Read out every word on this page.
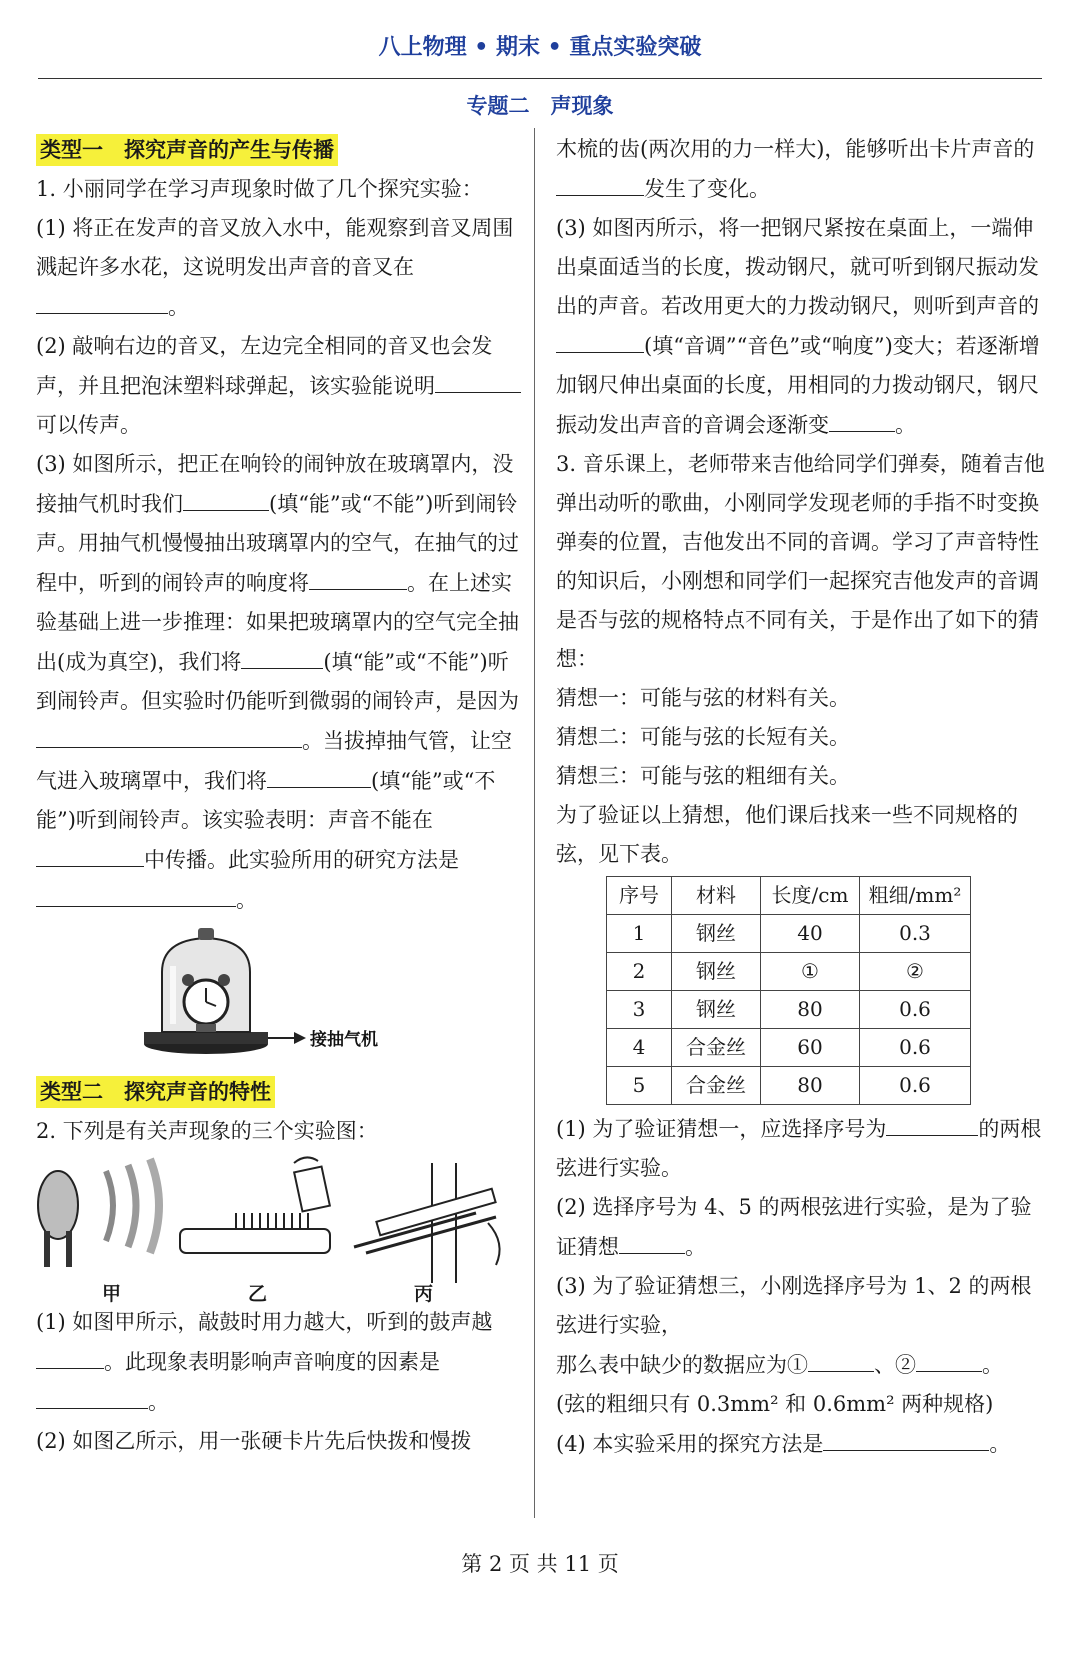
八上物理 • 期末 • 重点实验突破
专题二　声现象
类型一　探究声音的产生与传播

1. 小丽同学在学习声现象时做了几个探究实验：

(1) 将正在发声的音叉放入水中，能观察到音叉周围溅起许多水花，这说明发出声音的音叉在。

(2) 敲响右边的音叉，左边完全相同的音叉也会发声，并且把泡沫塑料球弹起，该实验能说明可以传声。

(3) 如图所示，把正在响铃的闹钟放在玻璃罩内，没接抽气机时我们	(填“能”或“不能”)听到闹铃声。用抽气机慢慢抽出玻璃罩内的空气，在抽气的过程中，听到的闹铃声的响度将	。在上述实验基础上进一步推理：如果把玻璃罩内的空气完全抽出(成为真空)，我们将	(填“能”或“不能”)听到闹铃声。但实验时仍能听到微弱的闹铃声，是因为。当拔掉抽气管，让空气进入玻璃罩中，我们将	(填“能”或“不能”)听到闹铃声。该实验表明：声音不能在中传播。此实验所用的研究方法是。

接抽气机
类型二　探究声音的特性

2. 下列是有关声现象的三个实验图：

甲	乙	丙

(1) 如图甲所示，敲鼓时用力越大，听到的鼓声越。此现象表明影响声音响度的因素是。

(2) 如图乙所示，用一张硬卡片先后快拨和慢拨

木梳的齿(两次用的力一样大)，能够听出卡片声音的发生了变化。

(3) 如图丙所示，将一把钢尺紧按在桌面上，一端伸出桌面适当的长度，拨动钢尺，就可听到钢尺振动发出的声音。若改用更大的力拨动钢尺，则听到声音的(填“音调”“音色”或“响度”)变大；若逐渐增加钢尺伸出桌面的长度，用相同的力拨动钢尺，钢尺振动发出声音的音调会逐渐变	。

3. 音乐课上，老师带来吉他给同学们弹奏，随着吉他弹出动听的歌曲，小刚同学发现老师的手指不时变换弹奏的位置，吉他发出不同的音调。学习了声音特性的知识后，小刚想和同学们一起探究吉他发声的音调是否与弦的规格特点不同有关，于是作出了如下的猜想：

猜想一：可能与弦的材料有关。

猜想二：可能与弦的长短有关。

猜想三：可能与弦的粗细有关。

为了验证以上猜想，他们课后找来一些不同规格的弦，见下表。

序号	材料	长度/cm	粗细/mm²
1	钢丝	40	0.3
2	钢丝	①	②
3	钢丝	80	0.6
4	合金丝	60	0.6
5	合金丝	80	0.6

(1) 为了验证猜想一，应选择序号为	的两根弦进行实验。

(2) 选择序号为 4、5 的两根弦进行实验，是为了验证猜想	。

(3) 为了验证猜想三，小刚选择序号为 1、2 的两根弦进行实验，

那么表中缺少的数据应为①	、②	。

(弦的粗细只有 0.3mm² 和 0.6mm² 两种规格)

(4) 本实验采用的探究方法是	。

第 2 页 共 11 页
